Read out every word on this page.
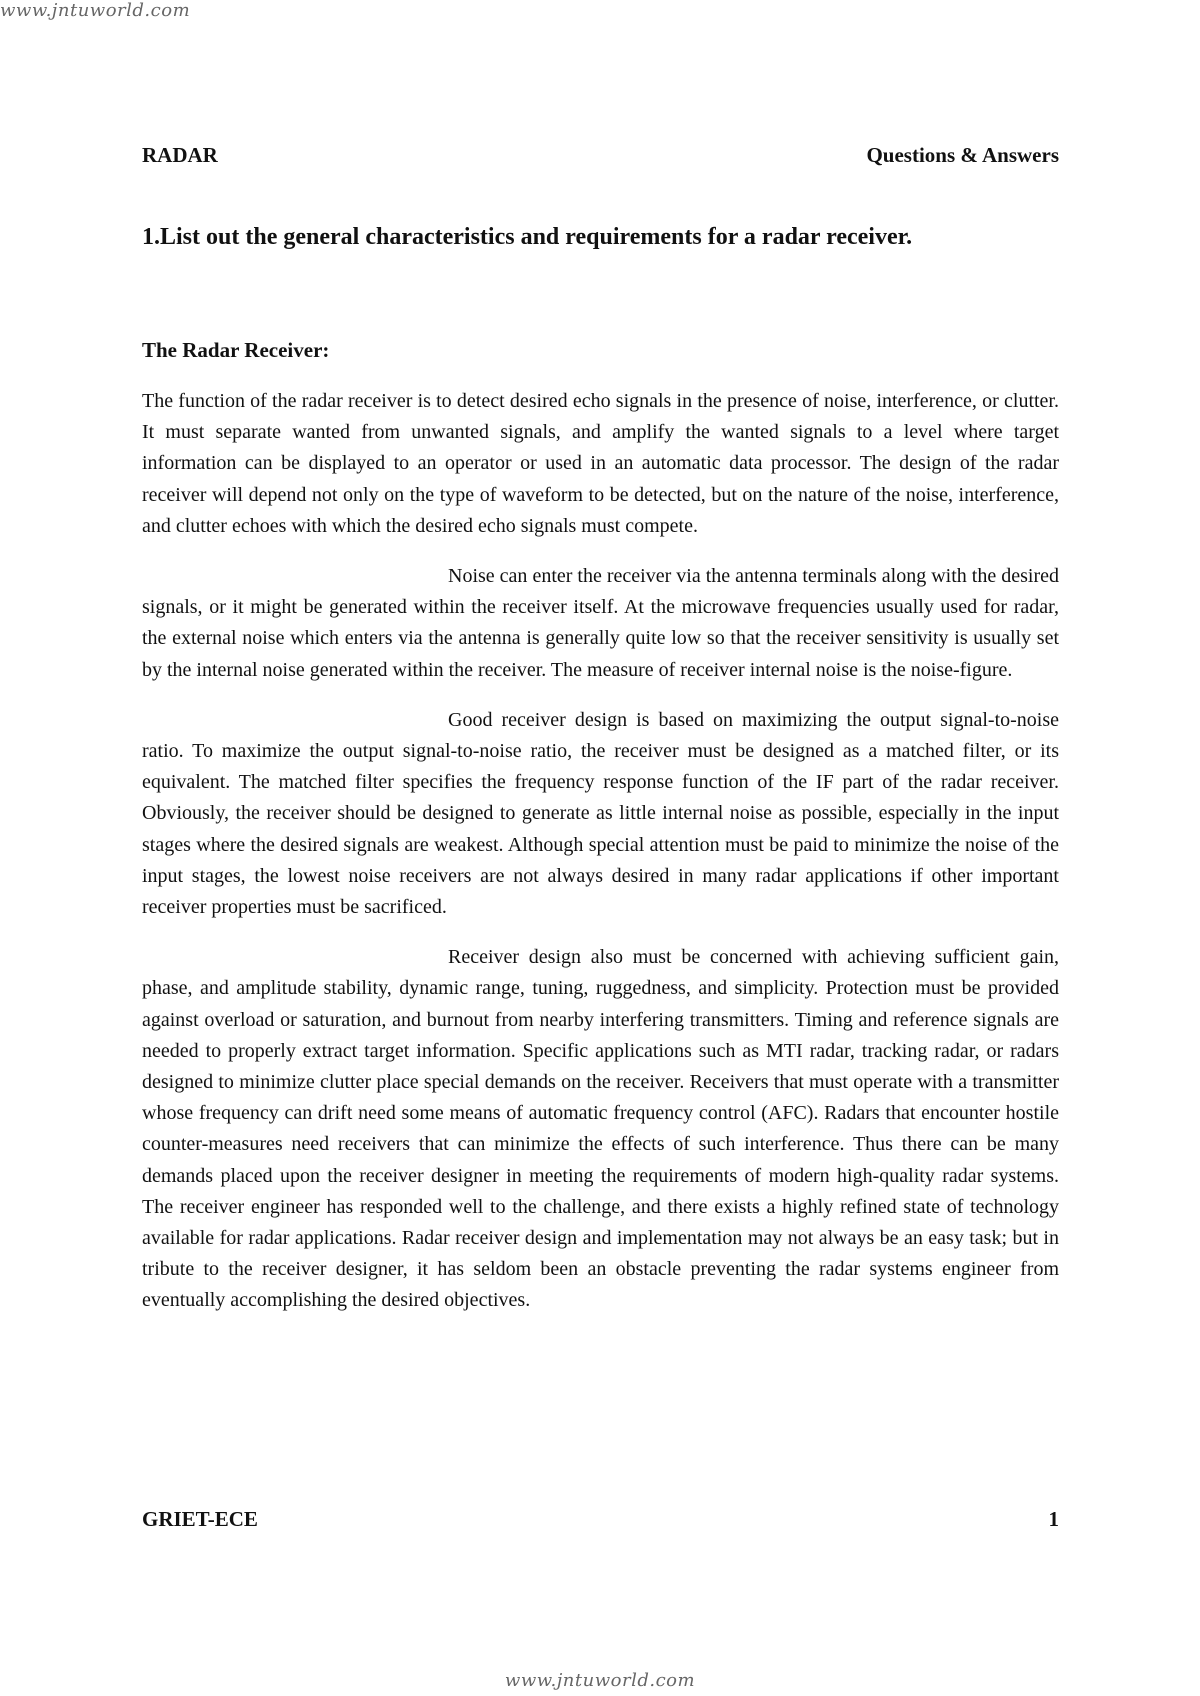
www.jntuworld.com
RADAR	Questions & Answers
1.List out the general characteristics and requirements for a radar receiver.
The Radar Receiver:

The function of the radar receiver is to detect desired echo signals in the presence of noise, interference, or clutter. It must separate wanted from unwanted signals, and amplify the wanted signals to a level where target information can be displayed to an operator or used in an automatic data processor. The design of the radar receiver will depend not only on the type of waveform to be detected, but on the nature of the noise, interference, and clutter echoes with which the desired echo signals must compete.

Noise can enter the receiver via the antenna terminals along with the desired signals, or it might be generated within the receiver itself. At the microwave frequencies usually used for radar, the external noise which enters via the antenna is generally quite low so that the receiver sensitivity is usually set by the internal noise generated within the receiver. The measure of receiver internal noise is the noise-figure.

Good receiver design is based on maximizing the output signal-to-noise ratio. To maximize the output signal-to-noise ratio, the receiver must be designed as a matched filter, or its equivalent. The matched filter specifies the frequency response function of the IF part of the radar receiver. Obviously, the receiver should be designed to generate as little internal noise as possible, especially in the input stages where the desired signals are weakest. Although special attention must be paid to minimize the noise of the input stages, the lowest noise receivers are not always desired in many radar applications if other important receiver properties must be sacrificed.

Receiver design also must be concerned with achieving sufficient gain, phase, and amplitude stability, dynamic range, tuning, ruggedness, and simplicity. Protection must be provided against overload or saturation, and burnout from nearby interfering transmitters. Timing and reference signals are needed to properly extract target information. Specific applications such as MTI radar, tracking radar, or radars designed to minimize clutter place special demands on the receiver. Receivers that must operate with a transmitter whose frequency can drift need some means of automatic frequency control (AFC). Radars that encounter hostile counter-measures need receivers that can minimize the effects of such interference. Thus there can be many demands placed upon the receiver designer in meeting the requirements of modern high-quality radar systems. The receiver engineer has responded well to the challenge, and there exists a highly refined state of technology available for radar applications. Radar receiver design and implementation may not always be an easy task; but in tribute to the receiver designer, it has seldom been an obstacle preventing the radar systems engineer from eventually accomplishing the desired objectives.

GRIET-ECE	1
www.jntuworld.com
